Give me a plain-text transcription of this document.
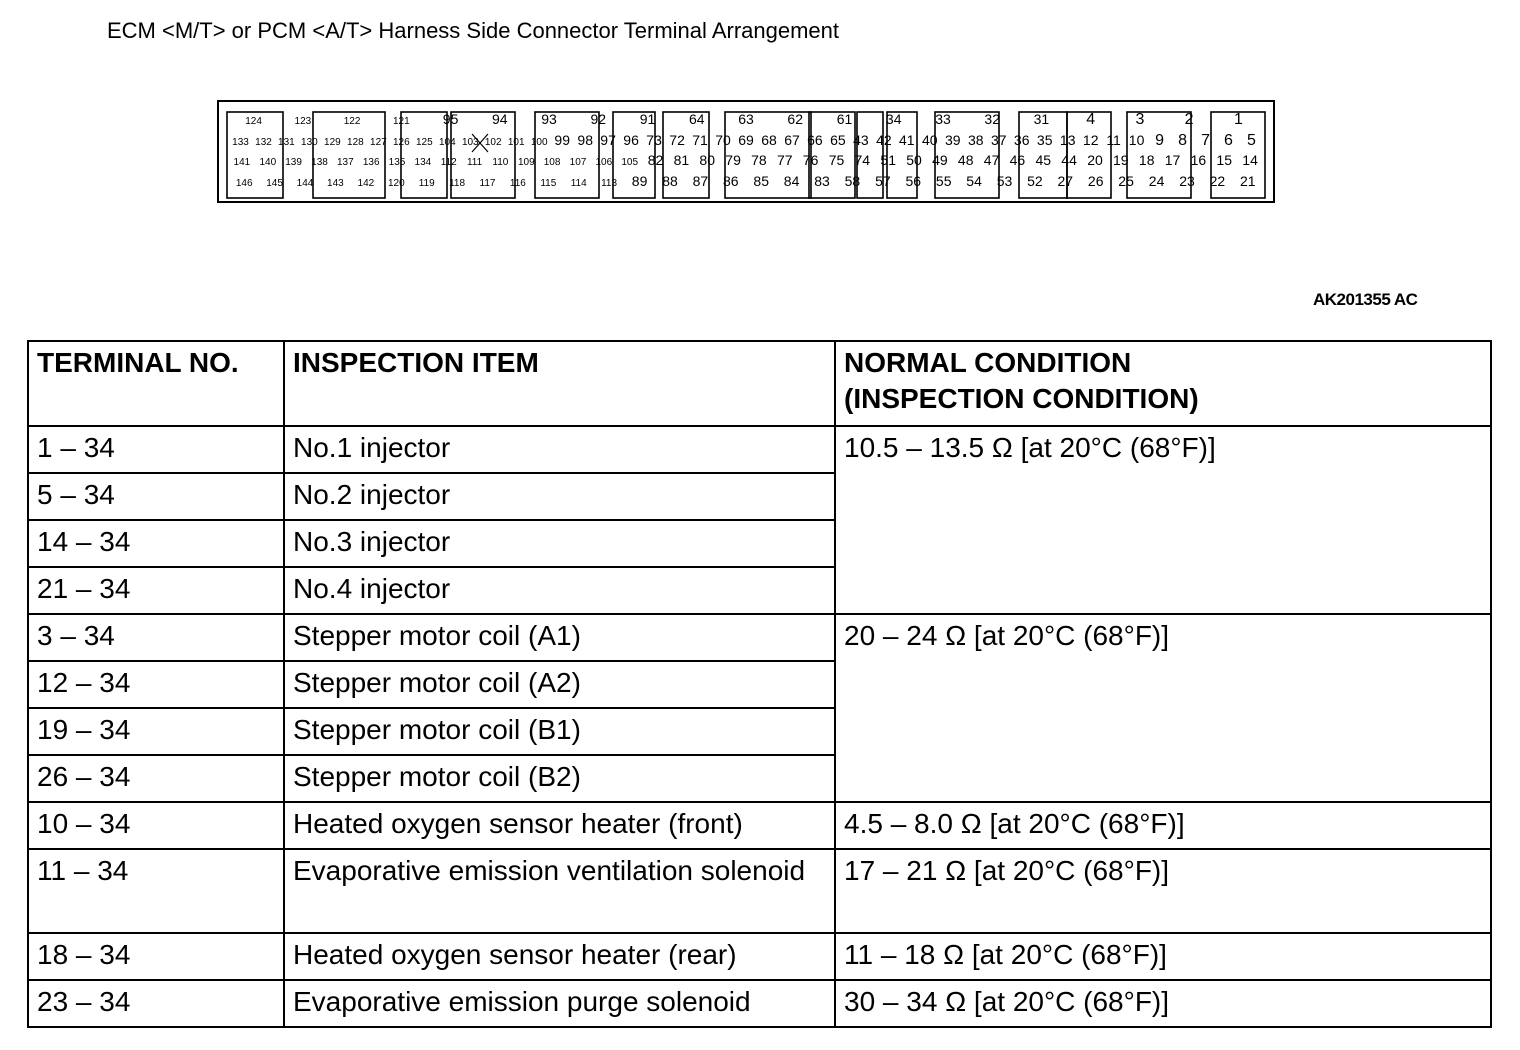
ECM <M/T> or PCM <A/T> Harness Side Connector Terminal Arrangement
124	123	122	121 95 94 93 92 91 64 63 62 61 34 33 32 31 4	3	2	1
133 132 131 130 129 128 127 126 125 104 103 102 101 100 99 98 97 96 73 72 71 70 69 68 67 66 65 43 42 41 40 39 38 37 36 35 13 12 11 10 9 8 7 6 5
141 140 139 138 137 136 135 134 112 111 110 109 108 107 106 105 82 81 80 79 78 77 76 75 74 51 50 49 48 47 46 45 44 20 19 18 17 16 15 14
146 145 144 143 142 120 119 118 117 116 115 114 113 89 88 87 86 85 84 83 58 57 56 55 54 53 52 27 26 25 24 23 22 21
AK201355 AC
TERMINAL NO.	INSPECTION ITEM	NORMAL CONDITION
(INSPECTION CONDITION)
1 – 34	No.1 injector	10.5 – 13.5 Ω [at 20°C (68°F)]
5 – 34	No.2 injector	
14 – 34	No.3 injector	
21 – 34	No.4 injector	
3 – 34	Stepper motor coil (A1)	20 – 24 Ω [at 20°C (68°F)]
12 – 34	Stepper motor coil (A2)	
19 – 34	Stepper motor coil (B1)	
26 – 34	Stepper motor coil (B2)	
10 – 34	Heated oxygen sensor heater (front)	4.5 – 8.0 Ω [at 20°C (68°F)]
11 – 34	Evaporative emission ventilation solenoid	17 – 21 Ω [at 20°C (68°F)]
18 – 34	Heated oxygen sensor heater (rear)	11 – 18 Ω [at 20°C (68°F)]
23 – 34	Evaporative emission purge solenoid	30 – 34 Ω [at 20°C (68°F)]
